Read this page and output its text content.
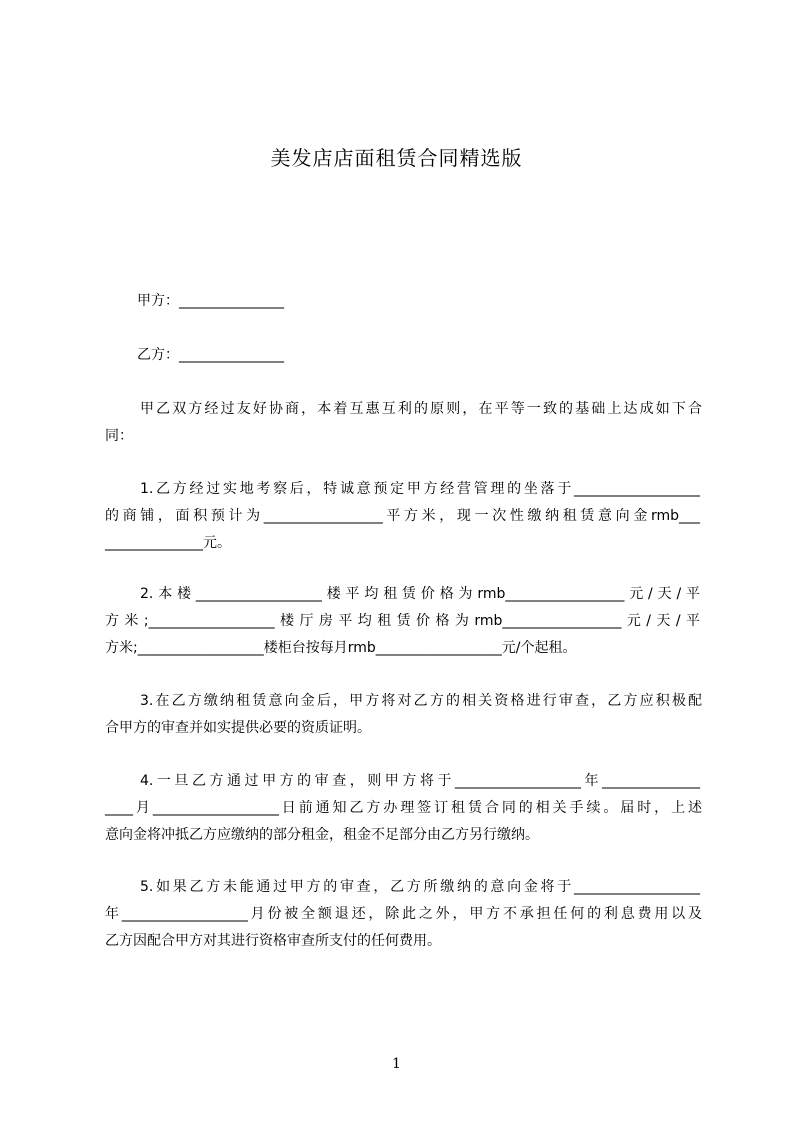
美发店店面租赁合同精选版
甲方：_______________
乙方：_______________
甲乙双方经过友好协商，本着互惠互利的原则，在平等一致的基础上达成如下合
同：
1.乙方经过实地考察后，特诚意预定甲方经营管理的坐落于__________________
的商铺，面积预计为_________________平方米，现一次性缴纳租赁意向金rmb___
______________元。
2.本楼__________________楼平均租赁价格为rmb_________________元/天/平
方米;__________________楼厅房平均租赁价格为rmb_________________元/天/平
方米;__________________楼柜台按每月rmb__________________元/个起租。
3.在乙方缴纳租赁意向金后，甲方将对乙方的相关资格进行审查，乙方应积极配
合甲方的审查并如实提供必要的资质证明。
4.一旦乙方通过甲方的审查，则甲方将于__________________年______________
____月__________________日前通知乙方办理签订租赁合同的相关手续。届时，上述
意向金将冲抵乙方应缴纳的部分租金，租金不足部分由乙方另行缴纳。
5.如果乙方未能通过甲方的审查，乙方所缴纳的意向金将于__________________
年__________________月份被全额退还，除此之外，甲方不承担任何的利息费用以及
乙方因配合甲方对其进行资格审查所支付的任何费用。
1
